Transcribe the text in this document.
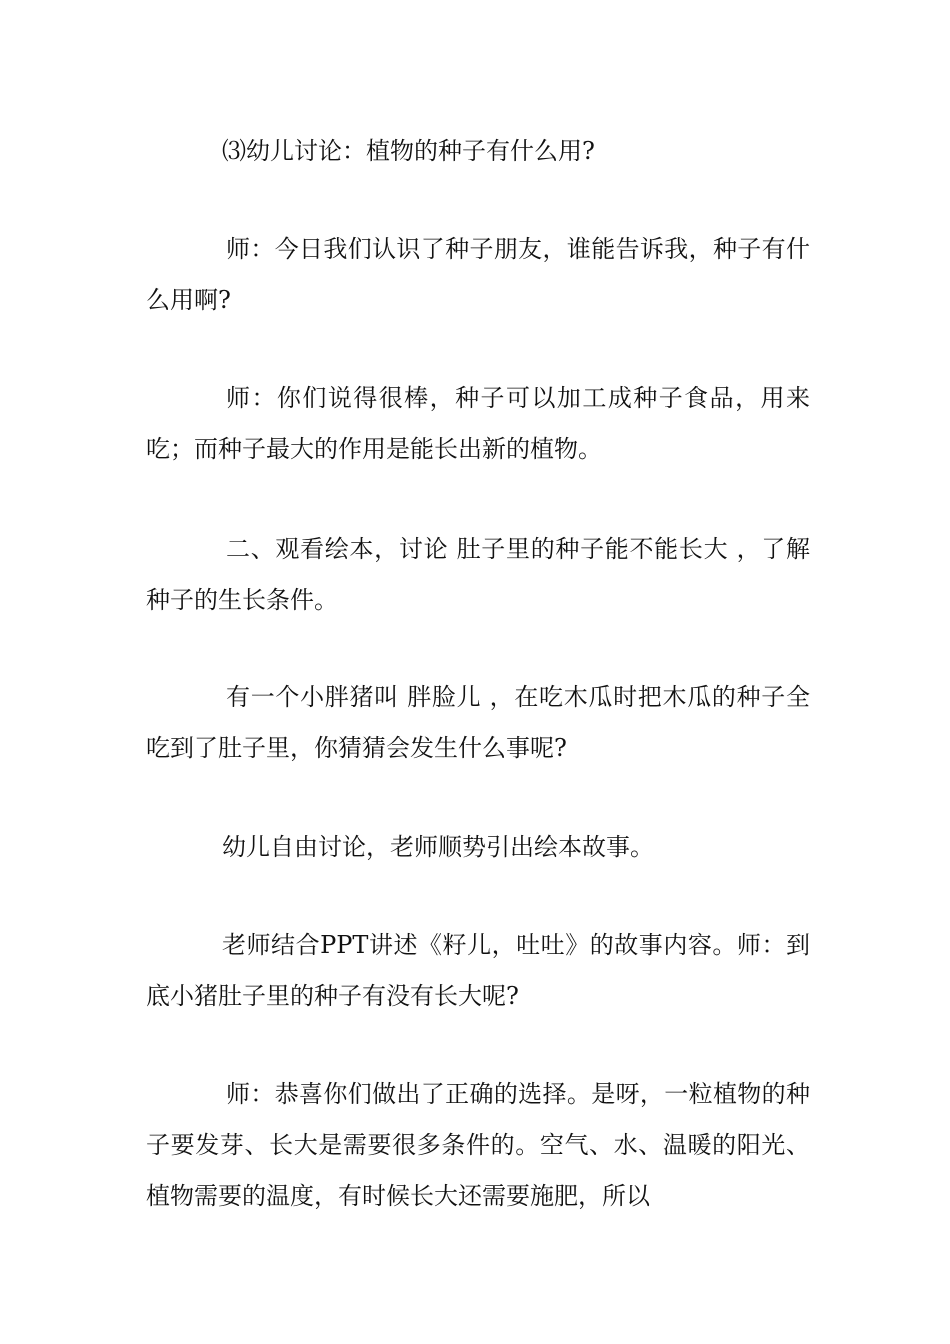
⑶幼儿讨论：植物的种子有什么用?

师：今日我们认识了种子朋友，谁能告诉我，种子有什么用啊?

师：你们说得很棒，种子可以加工成种子食品，用来吃；而种子最大的作用是能长出新的植物。

二、观看绘本，讨论 肚子里的种子能不能长大 ，了解种子的生长条件。

有一个小胖猪叫 胖脸儿 ，在吃木瓜时把木瓜的种子全吃到了肚子里，你猜猜会发生什么事呢?

幼儿自由讨论，老师顺势引出绘本故事。

老师结合PPT讲述《籽儿，吐吐》的故事内容。师：到底小猪肚子里的种子有没有长大呢?

师：恭喜你们做出了正确的选择。是呀，一粒植物的种子要发芽、长大是需要很多条件的。空气、水、温暖的阳光、植物需要的温度，有时候长大还需要施肥，所以
